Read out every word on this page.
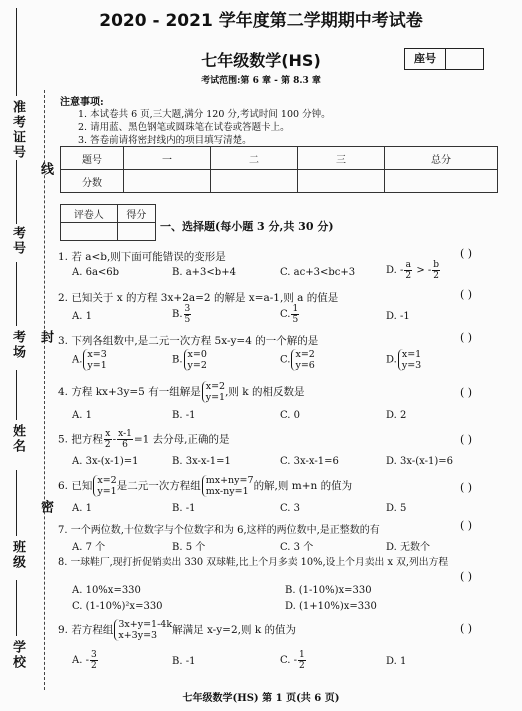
准考证号
线
考号
封
考场
姓名
密
班级
学校
2020 - 2021 学年度第二学期期中考试卷
七年级数学(HS)	座号
考试范围:第 6 章 - 第 8.3 章
注意事项:
1. 本试卷共 6 页,三大题,满分 120 分,考试时间 100 分钟。
2. 请用蓝、黑色钢笔或圆珠笔在试卷或答题卡上。
3. 答卷前请将密封线内的项目填写清楚。
题号	一	二	三	总分
分数				
评卷人	得分

一、选择题(每小题 3 分,共 30 分)
1. 若 a<b,则下面可能错误的变形是	( )
A. 6a<6b	B. a+3<b+4	C. ac+3<bc+3	D. - $\frac{a}{2}$ > - $\frac{b}{2}$
2. 已知关于 x 的方程 3x+2a=2 的解是 x=a-1,则 a 的值是	( )
A. 1	B. $\frac{3}{5}$	C. $\frac{1}{5}$	D. -1
3. 下列各组数中,是二元一次方程 5x-y=4 的一个解的是	( )
A. x=3
y=1	B. x=0
y=2	C. x=2
y=6	D. x=1
y=3
4. 方程 kx+3y=5 有一组解是 x=2
y=1 ,则 k 的相反数是	( )
A. 1	B. -1	C. 0	D. 2
5. 把方程 $\frac{x}{2} - \frac{x-1}{6} =1$ 去分母,正确的是	( )
A. 3x-(x-1)=1	B. 3x-x-1=1	C. 3x-x-1=6	D. 3x-(x-1)=6
6. 已知 x=2
y=1 是二元一次方程组 mx+ny=7
mx-ny=1 的解,则 m+n 的值为	( )
A. 1	B. -1	C. 3	D. 5
7. 一个两位数,十位数字与个位数字和为 6,这样的两位数中,是正整数的有	( )
A. 7 个	B. 5 个	C. 3 个	D. 无数个
8. 一球鞋厂,现打折促销卖出 330 双球鞋,比上个月多卖 10%,设上个月卖出 x 双,列出方程
( )
A. 10%x=330	B. (1-10%)x=330
C. (1-10%)²x=330	D. (1+10%)x=330
9. 若方程组 3x+y=1-4k
x+3y=3	解满足 x-y=2,则 k 的值为	( )
A. - $\frac{3}{2}$	B. -1	C. - $\frac{1}{2}$	D. 1
七年级数学(HS) 第 1 页(共 6 页)
